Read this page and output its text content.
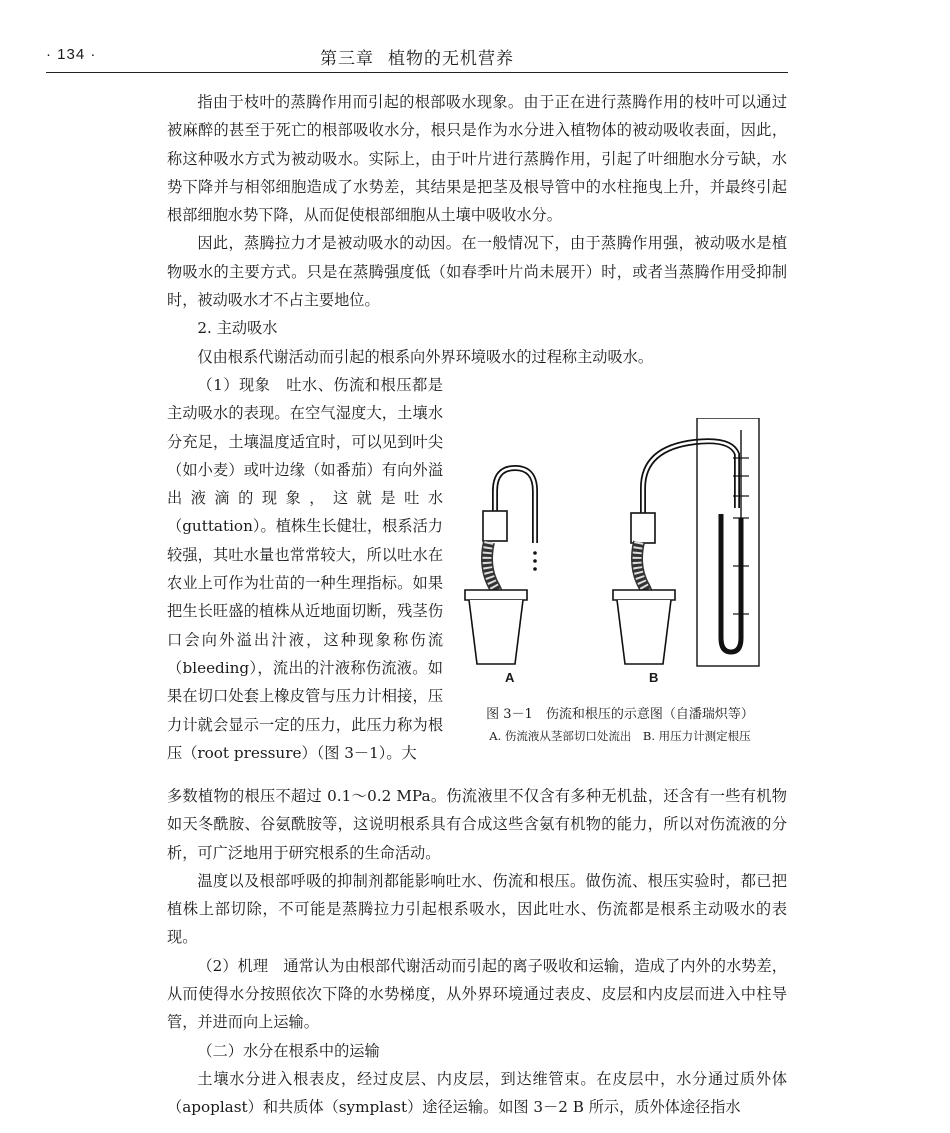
· 134 ·	第三章 植物的无机营养

指由于枝叶的蒸腾作用而引起的根部吸水现象。由于正在进行蒸腾作用的枝叶可以通过被麻醉的甚至于死亡的根部吸收水分，根只是作为水分进入植物体的被动吸收表面，因此，称这种吸水方式为被动吸水。实际上，由于叶片进行蒸腾作用，引起了叶细胞水分亏缺，水势下降并与相邻细胞造成了水势差，其结果是把茎及根导管中的水柱拖曳上升，并最终引起根部细胞水势下降，从而促使根部细胞从土壤中吸收水分。

因此，蒸腾拉力才是被动吸水的动因。在一般情况下，由于蒸腾作用强，被动吸水是植物吸水的主要方式。只是在蒸腾强度低（如春季叶片尚未展开）时，或者当蒸腾作用受抑制时，被动吸水才不占主要地位。

2. 主动吸水

仅由根系代谢活动而引起的根系向外界环境吸水的过程称主动吸水。

（1）现象　吐水、伤流和根压都是主动吸水的表现。在空气湿度大，土壤水分充足，土壤温度适宜时，可以见到叶尖（如小麦）或叶边缘（如番茄）有向外溢出液滴的现象，这就是吐水（guttation）。植株生长健壮，根系活力较强，其吐水量也常常较大，所以吐水在农业上可作为壮苗的一种生理指标。如果把生长旺盛的植株从近地面切断，残茎伤口会向外溢出汁液，这种现象称伤流（bleeding），流出的汁液称伤流液。如果在切口处套上橡皮管与压力计相接，压力计就会显示一定的压力，此压力称为根压（root pressure）（图 3－1）。大

A	B
图 3－1　伤流和根压的示意图（自潘瑞炽等）
A. 伤流液从茎部切口处流出　B. 用压力计测定根压

多数植物的根压不超过 0.1～0.2 MPa。伤流液里不仅含有多种无机盐，还含有一些有机物如天冬酰胺、谷氨酰胺等，这说明根系具有合成这些含氨有机物的能力，所以对伤流液的分析，可广泛地用于研究根系的生命活动。

温度以及根部呼吸的抑制剂都能影响吐水、伤流和根压。做伤流、根压实验时，都已把植株上部切除，不可能是蒸腾拉力引起根系吸水，因此吐水、伤流都是根系主动吸水的表现。

（2）机理　通常认为由根部代谢活动而引起的离子吸收和运输，造成了内外的水势差，从而使得水分按照依次下降的水势梯度，从外界环境通过表皮、皮层和内皮层而进入中柱导管，并进而向上运输。

（二）水分在根系中的运输

土壤水分进入根表皮，经过皮层、内皮层，到达维管束。在皮层中，水分通过质外体（apoplast）和共质体（symplast）途径运输。如图 3－2 B 所示，质外体途径指水
